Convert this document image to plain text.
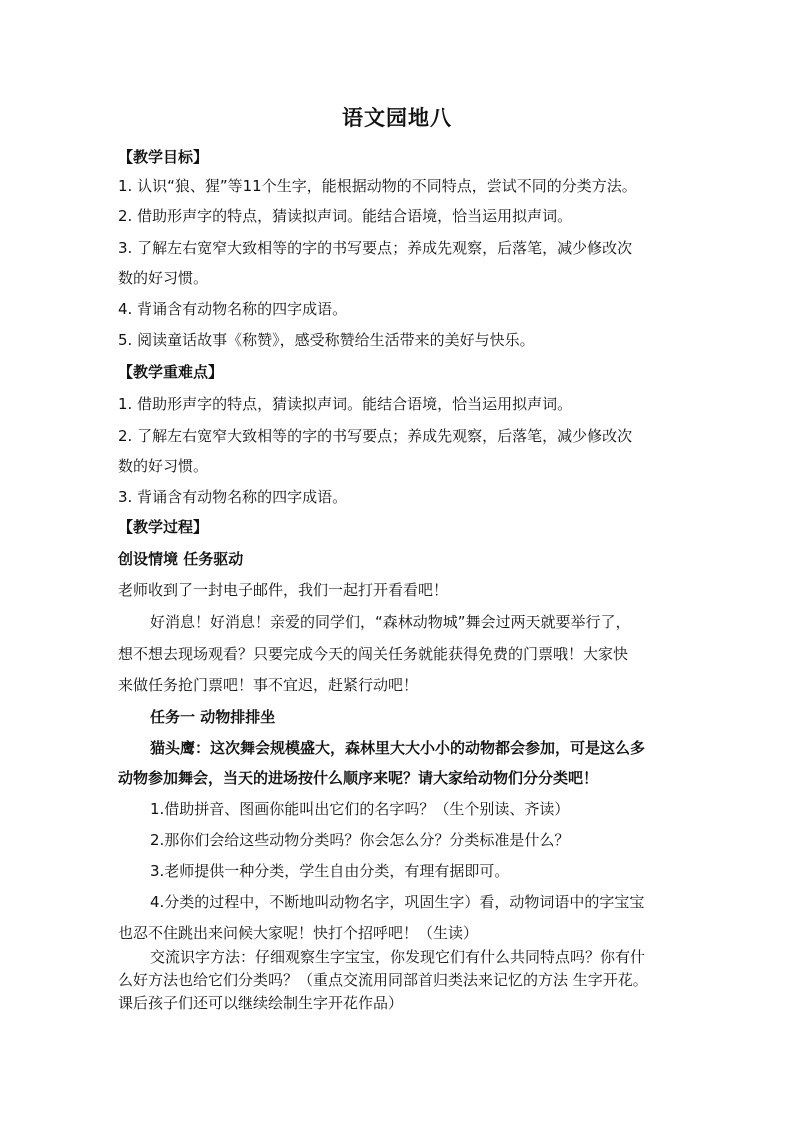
语文园地八
【教学目标】
1. 认识“狼、猩”等11个生字，能根据动物的不同特点，尝试不同的分类方法。
2. 借助形声字的特点，猜读拟声词。能结合语境，恰当运用拟声词。
3. 了解左右宽窄大致相等的字的书写要点；养成先观察，后落笔，减少修改次
数的好习惯。
4. 背诵含有动物名称的四字成语。
5. 阅读童话故事《称赞》，感受称赞给生活带来的美好与快乐。
【教学重难点】
1. 借助形声字的特点，猜读拟声词。能结合语境，恰当运用拟声词。
2. 了解左右宽窄大致相等的字的书写要点；养成先观察，后落笔，减少修改次
数的好习惯。
3. 背诵含有动物名称的四字成语。
【教学过程】
创设情境 任务驱动
老师收到了一封电子邮件，我们一起打开看看吧！
好消息！好消息！亲爱的同学们，“森林动物城”舞会过两天就要举行了，
想不想去现场观看？只要完成今天的闯关任务就能获得免费的门票哦！大家快
来做任务抢门票吧！事不宜迟，赶紧行动吧！
任务一 动物排排坐
猫头鹰：这次舞会规模盛大，森林里大大小小的动物都会参加，可是这么多
动物参加舞会，当天的进场按什么顺序来呢？请大家给动物们分分类吧！
1.借助拼音、图画你能叫出它们的名字吗？（生个别读、齐读）
2.那你们会给这些动物分类吗？你会怎么分？分类标准是什么？
3.老师提供一种分类，学生自由分类，有理有据即可。
4.分类的过程中，不断地叫动物名字，巩固生字）看，动物词语中的字宝宝
也忍不住跳出来问候大家呢！快打个招呼吧！（生读）
交流识字方法：仔细观察生字宝宝，你发现它们有什么共同特点吗？你有什
么好方法也给它们分类吗？（重点交流用同部首归类法来记忆的方法 生字开花。
课后孩子们还可以继续绘制生字开花作品）
